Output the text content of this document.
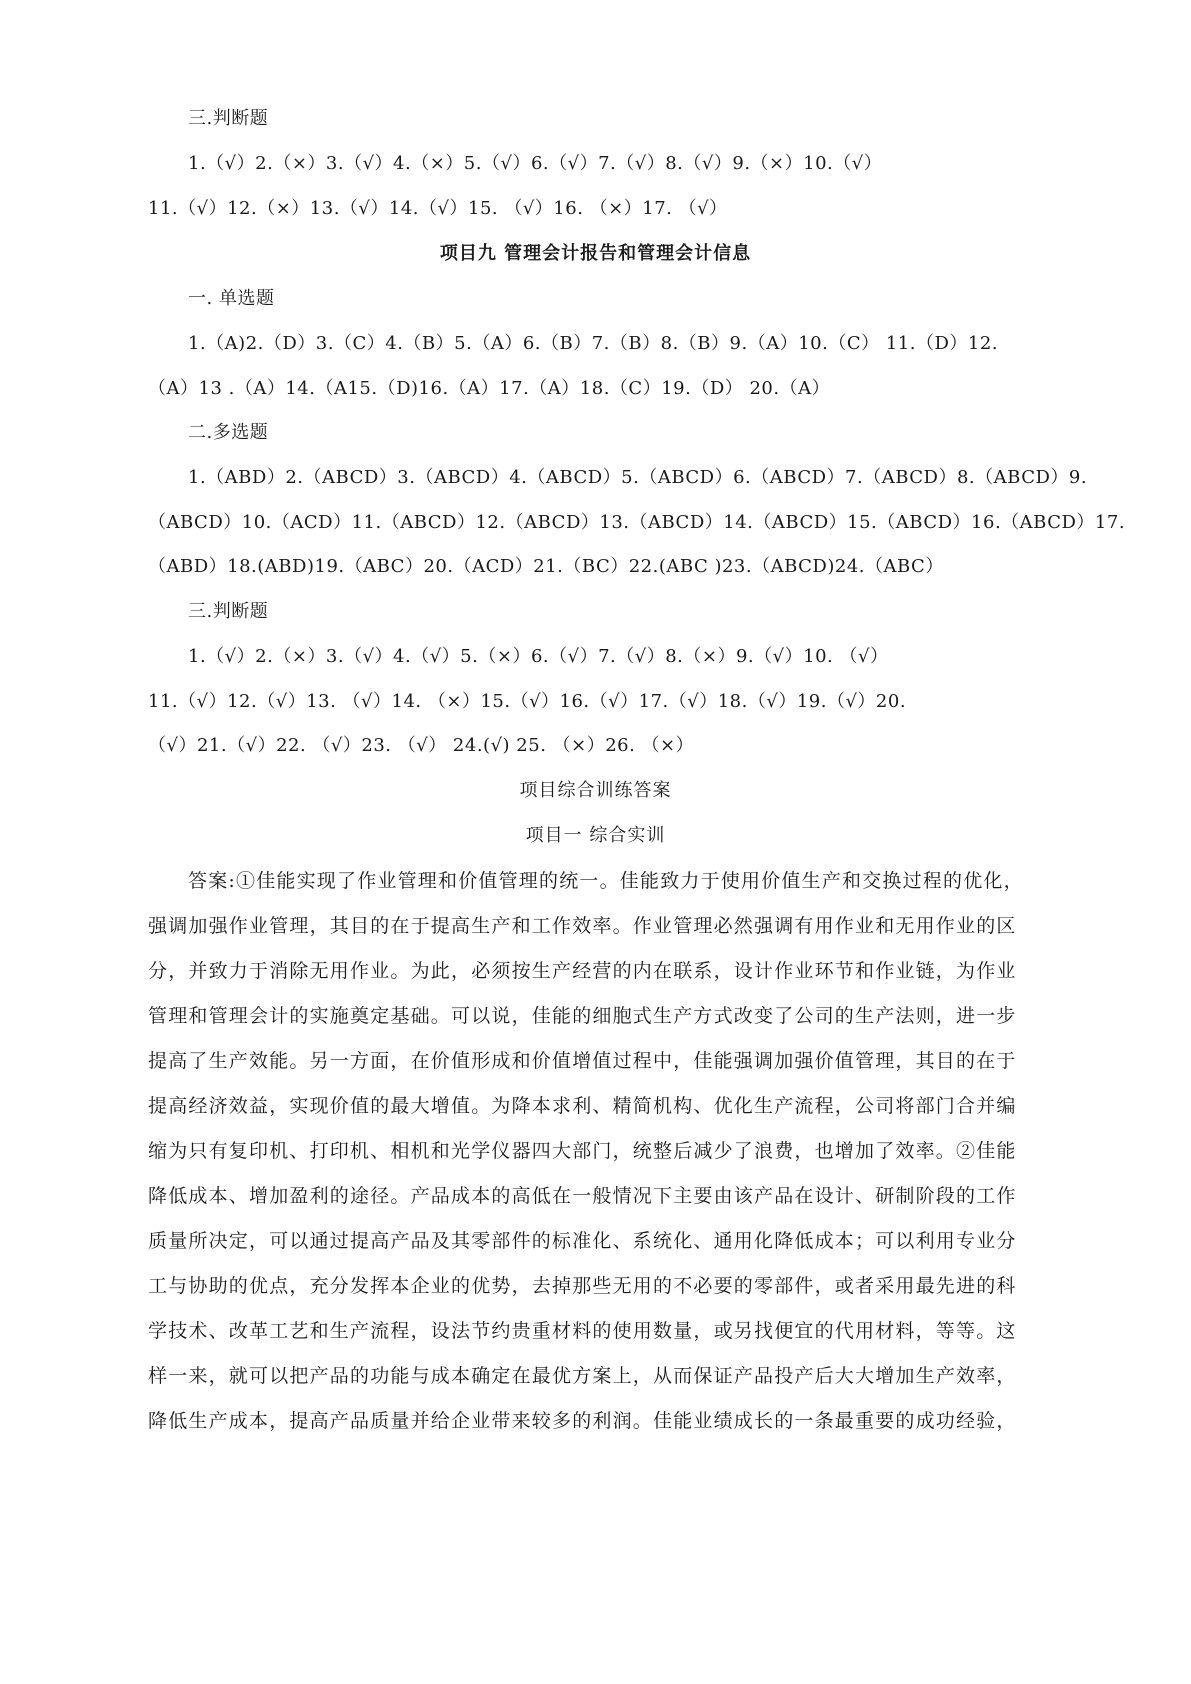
三.判断题
1.（√）2.（×）3.（√）4.（×）5.（√）6.（√）7.（√）8.（√）9.（×）10.（√）
11.（√）12.（×）13.（√）14.（√）15. （√）16. （×）17. （√）
项目九 管理会计报告和管理会计信息
一. 单选题
1.（A)2.（D）3.（C）4.（B）5.（A）6.（B）7.（B）8.（B）9.（A）10.（C） 11.（D）12.
（A）13 .（A）14.（A15.（D)16.（A）17.（A）18.（C）19.（D） 20.（A）
二.多选题
1.（ABD）2.（ABCD）3.（ABCD）4.（ABCD）5.（ABCD）6.（ABCD）7.（ABCD）8.（ABCD）9.
（ABCD）10.（ACD）11.（ABCD）12.（ABCD）13.（ABCD）14.（ABCD）15.（ABCD）16.（ABCD）17.
（ABD）18.(ABD)19.（ABC）20.（ACD）21.（BC）22.(ABC )23.（ABCD)24.（ABC）
三.判断题
1.（√）2.（×）3.（√）4.（√）5.（×）6.（√）7.（√）8.（×）9.（√）10. （√）
11.（√）12.（√）13. （√）14. （×）15.（√）16.（√）17.（√）18.（√）19.（√）20.
（√）21.（√）22. （√）23. （√） 24.(√) 25. （×）26. （×）
项目综合训练答案
项目一 综合实训
答案:①佳能实现了作业管理和价值管理的统一。佳能致力于使用价值生产和交换过程的优化，
强调加强作业管理，其目的在于提高生产和工作效率。作业管理必然强调有用作业和无用作业的区
分，并致力于消除无用作业。为此，必须按生产经营的内在联系，设计作业环节和作业链，为作业
管理和管理会计的实施奠定基础。可以说，佳能的细胞式生产方式改变了公司的生产法则，进一步
提高了生产效能。另一方面，在价值形成和价值增值过程中，佳能强调加强价值管理，其目的在于
提高经济效益，实现价值的最大增值。为降本求利、精简机构、优化生产流程，公司将部门合并编
缩为只有复印机、打印机、相机和光学仪器四大部门，统整后减少了浪费，也增加了效率。②佳能
降低成本、增加盈利的途径。产品成本的高低在一般情况下主要由该产品在设计、研制阶段的工作
质量所决定，可以通过提高产品及其零部件的标准化、系统化、通用化降低成本；可以利用专业分
工与协助的优点，充分发挥本企业的优势，去掉那些无用的不必要的零部件，或者采用最先进的科
学技术、改革工艺和生产流程，设法节约贵重材料的使用数量，或另找便宜的代用材料，等等。这
样一来，就可以把产品的功能与成本确定在最优方案上，从而保证产品投产后大大增加生产效率，
降低生产成本，提高产品质量并给企业带来较多的利润。佳能业绩成长的一条最重要的成功经验，
